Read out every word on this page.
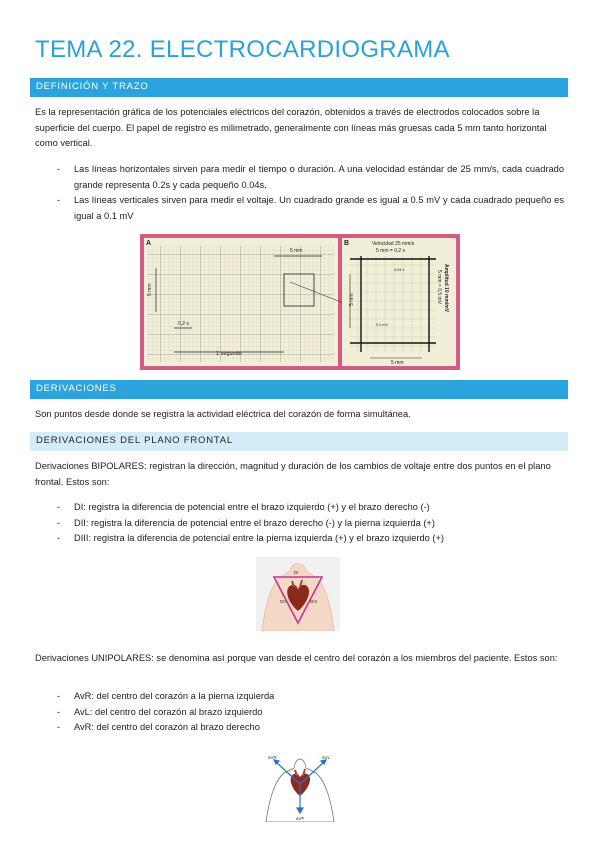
TEMA 22. ELECTROCARDIOGRAMA
DEFINICIÓN Y TRAZO
Es la representación gráfica de los potenciales eléctricos del corazón, obtenidos a través de electrodos colocados sobre la superficie del cuerpo. El papel de registro es milimetrado, generalmente con líneas más gruesas cada 5 mm tanto horizontal como vertical.
- Las líneas horizontales sirven para medir el tiempo o duración. A una velocidad estándar de 25 mm/s, cada cuadrado grande representa 0.2s y cada pequeño 0.04s.
- Las líneas verticales sirven para medir el voltaje. Un cuadrado grande es igual a 0.5 mV y cada cuadrado pequeño es igual a 0.1 mV
A
5 mm
5 mm
0,2 s
1 segundo
B	Velocidad 25 mm/s
5 mm = 0,2 s
0,04 s
0,1 mV
5 mm
5 mm
Amplitud 10 mm/mV
5 mm = 0,5 mV
DERIVACIONES
Son puntos desde donde se registra la actividad eléctrica del corazón de forma simultánea.
DERIVACIONES DEL PLANO FRONTAL
Derivaciones BIPOLARES: registran la dirección, magnitud y duración de los cambios de voltaje entre dos puntos en el plano frontal. Estos son:
- DI: registra la diferencia de potencial entre el brazo izquierdo (+) y el brazo derecho (-)
- DII: registra la diferencia de potencial entre el brazo derecho (-) y la pierna izquierda (+)
- DIII: registra la diferencia de potencial entre la pierna izquierda (+) y el brazo izquierdo (+)
DI
DII	DIII
Derivaciones UNIPOLARES: se denomina así porque van desde el centro del corazón a los miembros del paciente. Estos son:
- AvR: del centro del corazón a la pierna izquierda
- AvL: del centro del corazón al brazo izquierdo
- AvR: del centro del corazón al brazo derecho
aVR	aVL
aVF
